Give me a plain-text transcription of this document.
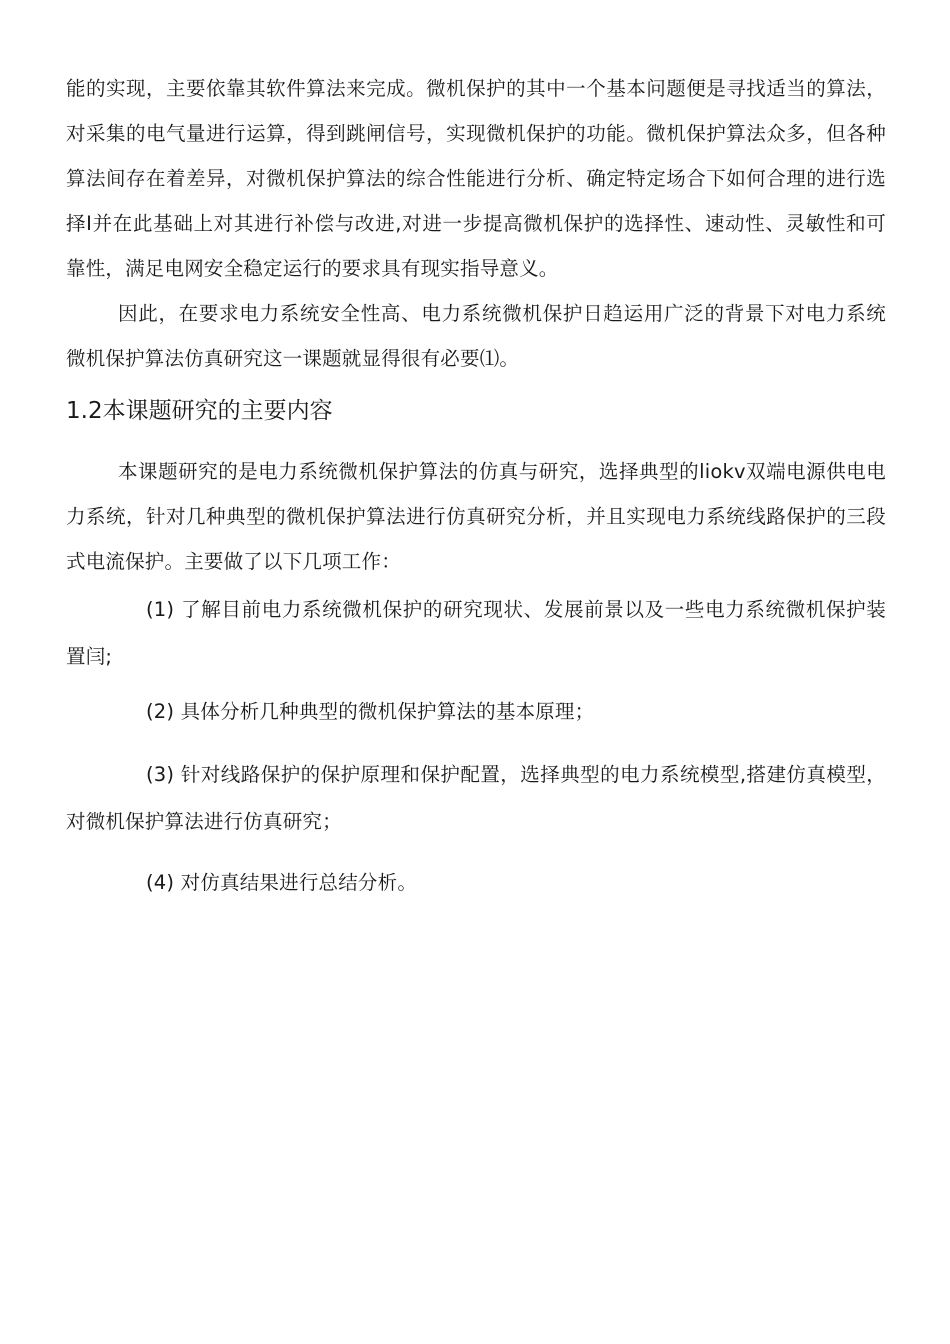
能的实现，主要依靠其软件算法来完成。微机保护的其中一个基本问题便是寻找适当的算法，对采集的电气量进行运算，得到跳闸信号，实现微机保护的功能。微机保护算法众多，但各种算法间存在着差异，对微机保护算法的综合性能进行分析、确定特定场合下如何合理的进行选择I并在此基础上对其进行补偿与改进,对进一步提高微机保护的选择性、速动性、灵敏性和可靠性，满足电网安全稳定运行的要求具有现实指导意义。

因此，在要求电力系统安全性高、电力系统微机保护日趋运用广泛的背景下对电力系统微机保护算法仿真研究这一课题就显得很有必要⑴。

1.2本课题研究的主要内容

本课题研究的是电力系统微机保护算法的仿真与研究，选择典型的liokv双端电源供电电力系统，针对几种典型的微机保护算法进行仿真研究分析，并且实现电力系统线路保护的三段式电流保护。主要做了以下几项工作：

(1) 了解目前电力系统微机保护的研究现状、发展前景以及一些电力系统微机保护装置闫;

(2) 具体分析几种典型的微机保护算法的基本原理；

(3) 针对线路保护的保护原理和保护配置，选择典型的电力系统模型,搭建仿真模型，对微机保护算法进行仿真研究；

(4) 对仿真结果进行总结分析。
